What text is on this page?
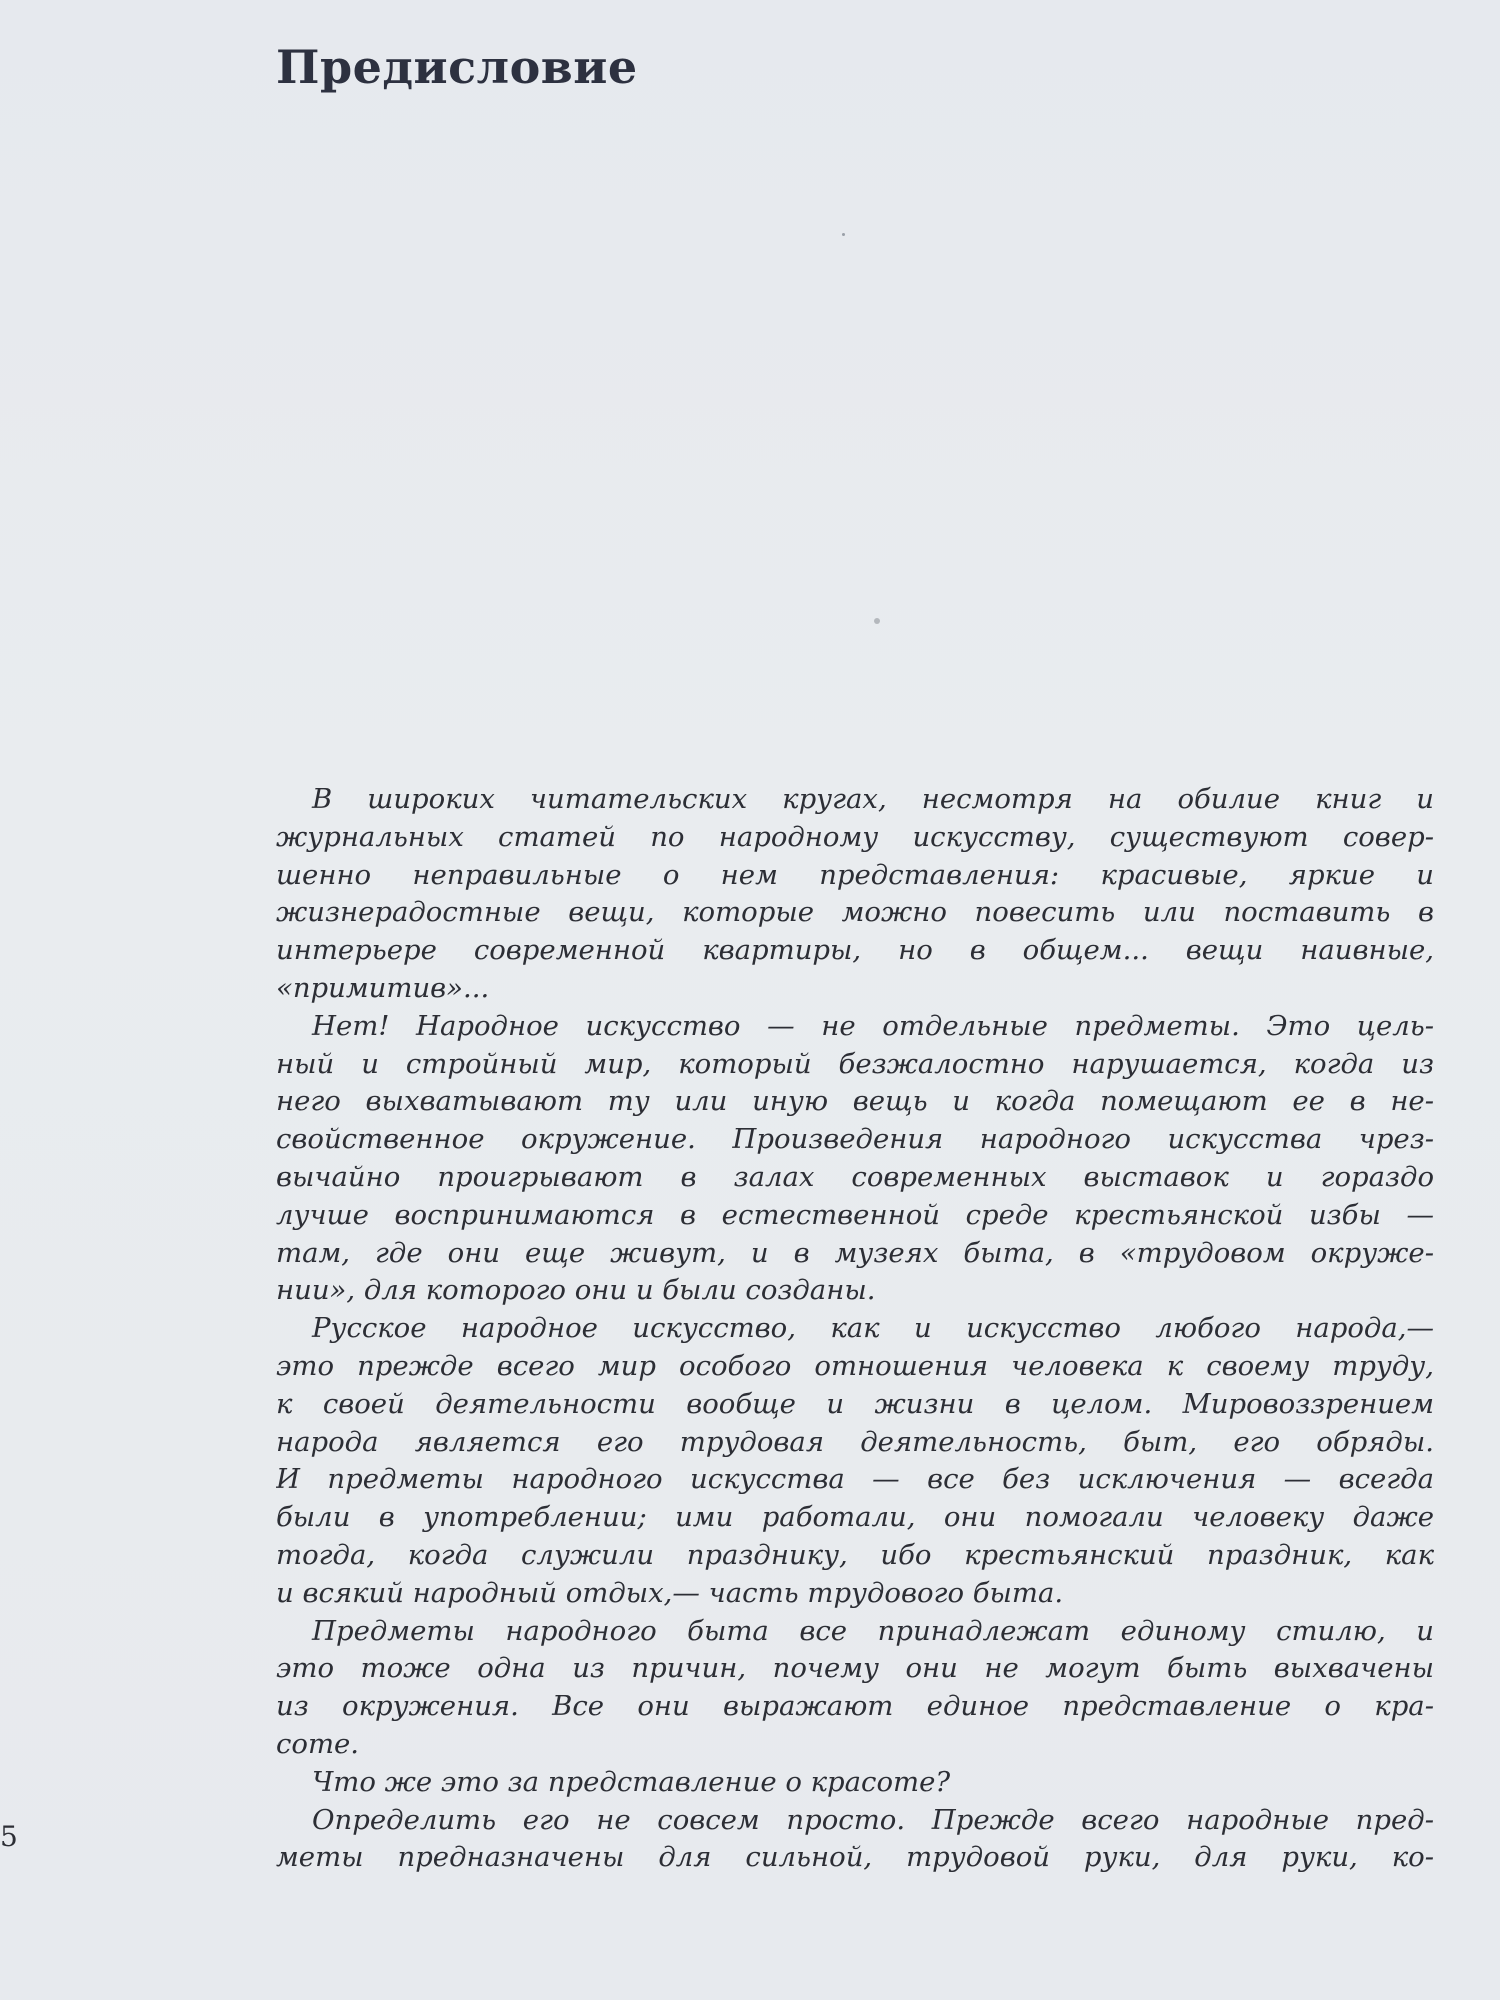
Предисловие
В широких читательских кругах, несмотря на обилие книг и
журнальных статей по народному искусству, существуют совер-
шенно неправильные о нем представления: красивые, яркие и
жизнерадостные вещи, которые можно повесить или поставить в
интерьере современной квартиры, но в общем... вещи наивные,
«примитив»...
Нет! Народное искусство — не отдельные предметы. Это цель-
ный и стройный мир, который безжалостно нарушается, когда из
него выхватывают ту или иную вещь и когда помещают ее в не-
свойственное окружение. Произведения народного искусства чрез-
вычайно проигрывают в залах современных выставок и гораздо
лучше воспринимаются в естественной среде крестьянской избы —
там, где они еще живут, и в музеях быта, в «трудовом окруже-
нии», для которого они и были созданы.
Русское народное искусство, как и искусство любого народа,—
это прежде всего мир особого отношения человека к своему труду,
к своей деятельности вообще и жизни в целом. Мировоззрением
народа является его трудовая деятельность, быт, его обряды.
И предметы народного искусства — все без исключения — всегда
были в употреблении; ими работали, они помогали человеку даже
тогда, когда служили празднику, ибо крестьянский праздник, как
и всякий народный отдых,— часть трудового быта.
Предметы народного быта все принадлежат единому стилю, и
это тоже одна из причин, почему они не могут быть выхвачены
из окружения. Все они выражают единое представление о кра-
соте.
Что же это за представление о красоте?
Определить его не совсем просто. Прежде всего народные пред-
меты предназначены для сильной, трудовой руки, для руки, ко-
5
